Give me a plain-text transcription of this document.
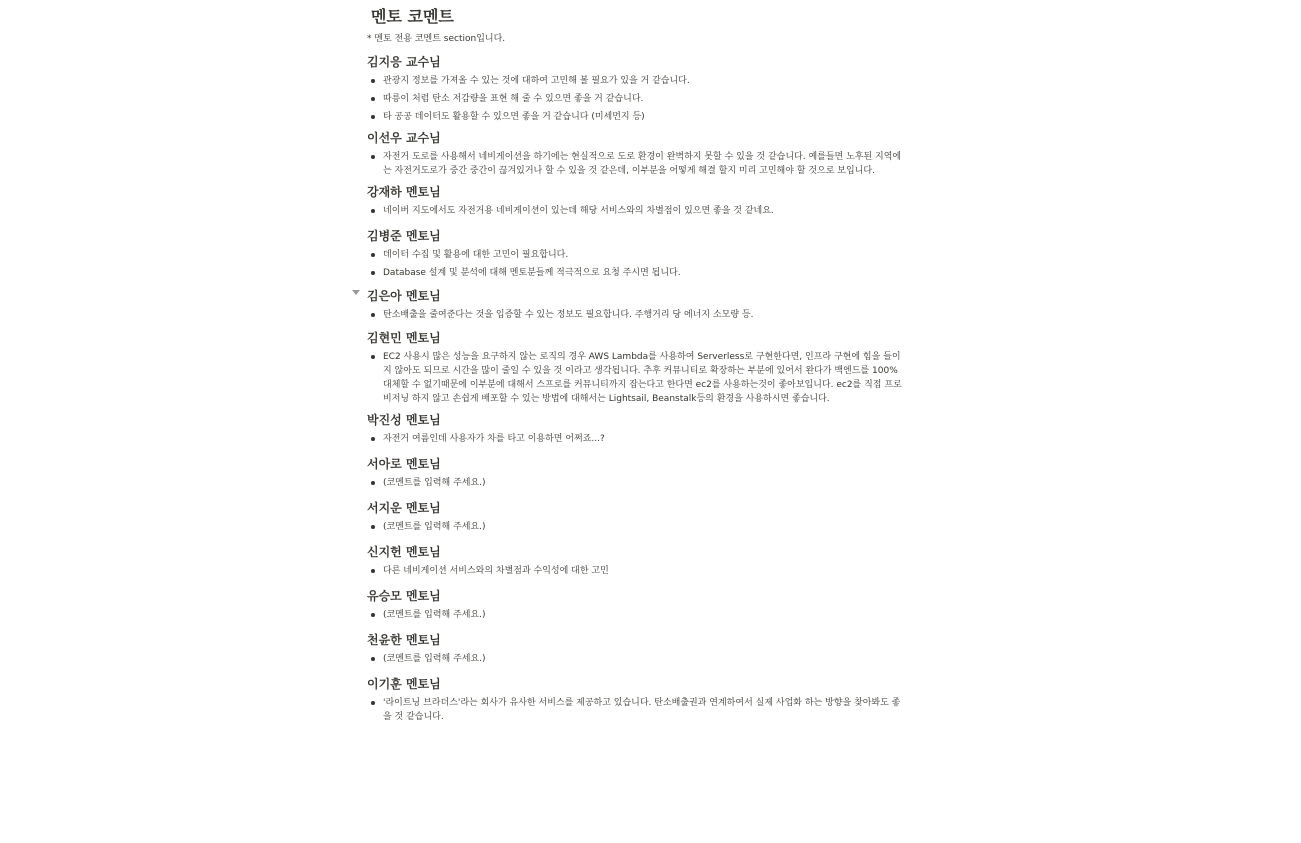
멘토 코멘트
* 멘토 전용 코멘트 section입니다.
김지응 교수님
관광지 정보를 가져올 수 있는 것에 대하여 고민해 볼 필요가 있을 거 같습니다.
따릉이 처럼 탄소 저감량을 표현 해 줄 수 있으면 좋을 거 같습니다.
타 공공 데이터도 활용할 수 있으면 좋을 거 같습니다 (미세먼지 등)
이선우 교수님
자전거 도로를 사용해서 네비게이션을 하기에는 현실적으로 도로 환경이 완벽하지 못할 수 있을 것 같습니다. 예를들면 노후된 지역에는 자전거도로가 중간 중간이 끊겨있거나 할 수 있을 것 같은데, 이부분을 어떻게 해결 할지 미리 고민해야 할 것으로 보입니다.
강재하 멘토님
네이버 지도에서도 자전거용 네비게이션이 있는데 해당 서비스와의 차별점이 있으면 좋을 것 같네요.
김병준 멘토님
데이터 수집 및 활용에 대한 고민이 필요합니다.
Database 설계 및 분석에 대해 멘토분들께 적극적으로 요청 주시면 됩니다.
김은아 멘토님
탄소배출을 줄여준다는 것을 입증할 수 있는 정보도 필요합니다. 주행거리 당 에너지 소모량 등.
김현민 멘토님
EC2 사용시 많은 성능을 요구하지 않는 로직의 경우 AWS Lambda를 사용하여 Serverless로 구현한다면, 인프라 구현에 힘을 들이지 않아도 되므로 시간을 많이 줄일 수 있을 것 이라고 생각됩니다. 추후 커뮤니티로 확장하는 부분에 있어서 완다가 백엔드를 100% 대체할 수 없기때문에 이부분에 대해서 스프로를 커뮤니티까지 잡는다고 한다면 ec2를 사용하는것이 좋아보입니다. ec2를 직접 프로비저닝 하지 않고 손쉽게 배포할 수 있는 방법에 대해서는 Lightsail, Beanstalk등의 환경을 사용하시면 좋습니다.
박진성 멘토님
자전거 여름인데 사용자가 차를 타고 이용하면 어쩌죠...?
서아로 멘토님
(코멘트를 입력해 주세요.)
서지운 멘토님
(코멘트를 입력해 주세요.)
신지헌 멘토님
다른 네비게이션 서비스와의 차별점과 수익성에 대한 고민
유승모 멘토님
(코멘트를 입력해 주세요.)
천윤한 멘토님
(코멘트를 입력해 주세요.)
이기훈 멘토님
'라이트닝 브라더스'라는 회사가 유사한 서비스를 제공하고 있습니다. 탄소배출권과 연계하여서 실제 사업화 하는 방향을 찾아봐도 좋을 것 같습니다.
